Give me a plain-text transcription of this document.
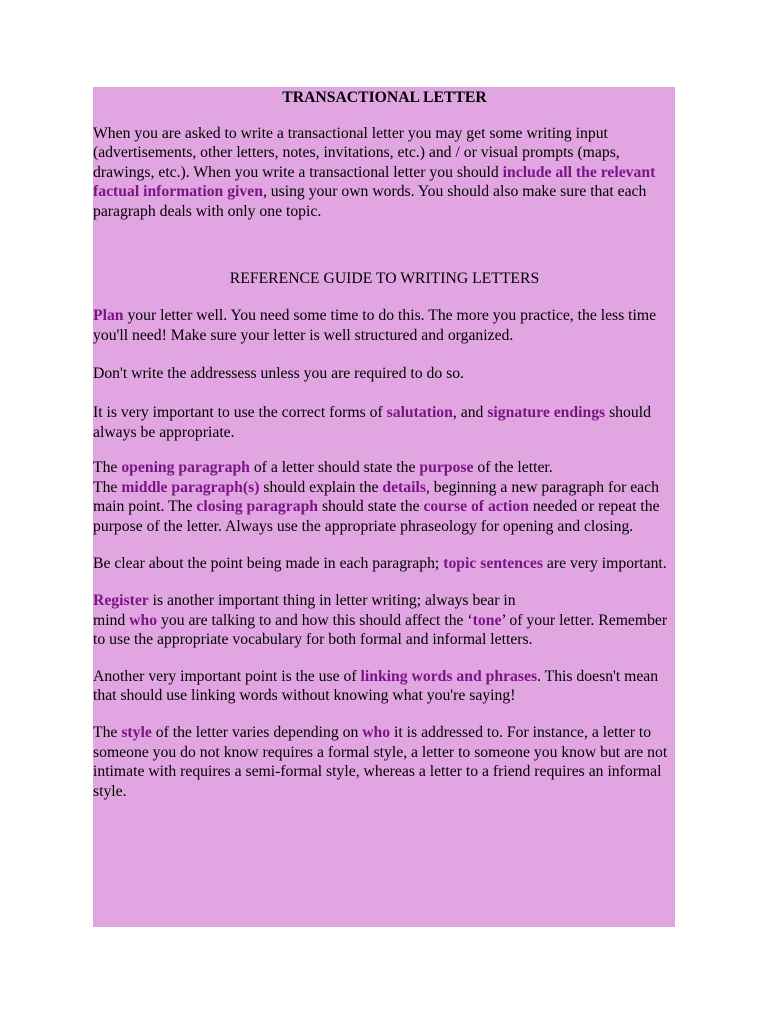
TRANSACTIONAL LETTER

When you are asked to write a transactional letter you may get some writing input (advertisements, other letters, notes, invitations, etc.) and / or visual prompts (maps, drawings, etc.). When you write a transactional letter you should include all the relevant factual information given, using your own words. You should also make sure that each paragraph deals with only one topic.

REFERENCE GUIDE TO WRITING LETTERS

Plan your letter well. You need some time to do this. The more you practice, the less time you'll need! Make sure your letter is well structured and organized.

Don't write the addressess unless you are required to do so.

It is very important to use the correct forms of salutation, and signature endings should always be appropriate.

The opening paragraph of a letter should state the purpose of the letter.
The middle paragraph(s) should explain the details, beginning a new paragraph for each main point. The closing paragraph should state the course of action needed or repeat the purpose of the letter. Always use the appropriate phraseology for opening and closing.

Be clear about the point being made in each paragraph; topic sentences are very important.

Register is another important thing in letter writing; always bear in
mind who you are talking to and how this should affect the ‘tone’ of your letter. Remember to use the appropriate vocabulary for both formal and informal letters.

Another very important point is the use of linking words and phrases. This doesn't mean that should use linking words without knowing what you're saying!

The style of the letter varies depending on who it is addressed to. For instance, a letter to someone you do not know requires a formal style, a letter to someone you know but are not intimate with requires a semi-formal style, whereas a letter to a friend requires an informal style.
